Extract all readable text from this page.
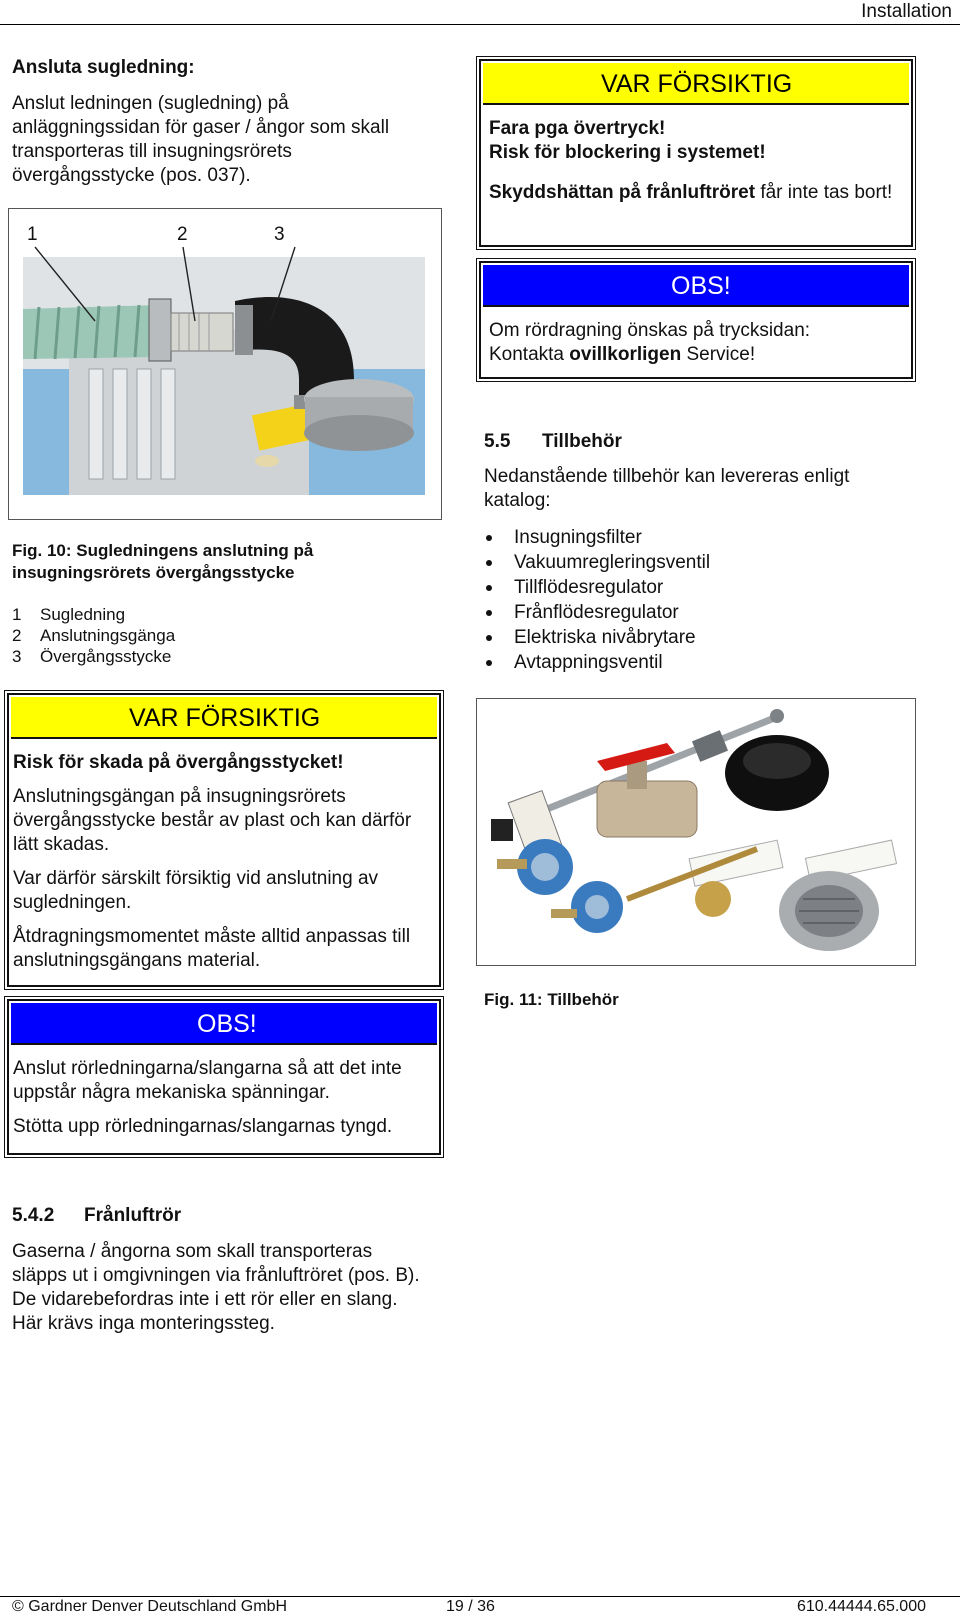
Installation
Ansluta sugledning:
Anslut ledningen (sugledning) på anläggningssidan för gaser / ångor som skall transporteras till insugningsrörets övergångsstycke (pos. 037).
1	2	3
Fig. 10: Sugledningens anslutning på insugningsrörets övergångsstycke
1 Sugledning
2 Anslutningsgänga
3 Övergångsstycke
VAR FÖRSIKTIG
Fara pga övertryck!
Risk för blockering i systemet!
Skyddshättan på frånluftröret får inte tas bort!
OBS!
Om rördragning önskas på trycksidan:
Kontakta ovillkorligen Service!
5.5 Tillbehör
Nedanstående tillbehör kan levereras enligt katalog:
Insugningsfilter
Vakuumregleringsventil
Tillflödesregulator
Frånflödesregulator
Elektriska nivåbrytare
Avtappningsventil
VAR FÖRSIKTIG

Risk för skada på övergångsstycket!

Anslutningsgängan på insugningsrörets övergångsstycke består av plast och kan därför lätt skadas.

Var därför särskilt försiktig vid anslutning av sugledningen.

Åtdragningsmomentet måste alltid anpassas till anslutningsgängans material.

OBS!

Anslut rörledningarna/slangarna så att det inte uppstår några mekaniska spänningar.

Stötta upp rörledningarnas/slangarnas tyngd.

Fig. 11: Tillbehör
5.4.2 Frånluftrör
Gaserna / ångorna som skall transporteras
släpps ut i omgivningen via frånluftröret (pos. B).
De vidarebefordras inte i ett rör eller en slang.
Här krävs inga monteringssteg.
© Gardner Denver Deutschland GmbH	19 / 36	610.44444.65.000
